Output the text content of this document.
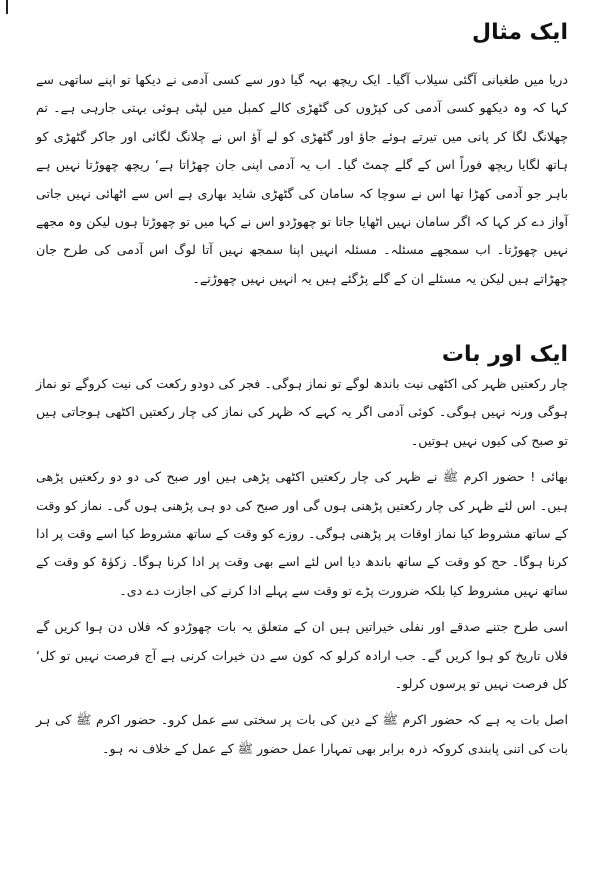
ایک مثال

دریا میں طغیانی آگئی سیلاب آگیا۔ ایک ریچھ بہہ گیا دور سے کسی آدمی نے دیکھا تو اپنے ساتھی سے کہا کہ وہ دیکھو کسی آدمی کی کپڑوں کی گٹھڑی کالے کمبل میں لپٹی ہوئی بہتی جارہی ہے۔ تم چھلانگ لگا کر پانی میں تیرتے ہوئے جاؤ اور گٹھڑی کو لے آؤ اس نے چلانگ لگائی اور جاکر گٹھڑی کو ہاتھ لگایا ریچھ فوراً اس کے گلے چمٹ گیا۔ اب یہ آدمی اپنی جان چھڑاتا ہے‘ ریچھ چھوڑتا نہیں ہے باہر جو آدمی کھڑا تھا اس نے سوچا کہ سامان کی گٹھڑی شاید بھاری ہے اس سے اٹھائی نہیں جاتی آواز دے کر کہا کہ اگر سامان نہیں اٹھایا جاتا تو چھوڑدو اس نے کہا میں تو چھوڑتا ہوں لیکن وہ مجھے نہیں چھوڑتا۔ اب سمجھے مسئلہ۔ مسئلہ انہیں اپنا سمجھ نہیں آتا لوگ اس آدمی کی طرح جان چھڑاتے ہیں لیکن یہ مسئلے ان کے گلے پڑگئے ہیں یہ انہیں نہیں چھوڑتے۔

ایک اور بات

چار رکعتیں ظہر کی اکٹھی نیت باندھ لوگے تو نماز ہوگی۔ فجر کی دودو رکعت کی نیت کروگے تو نماز ہوگی ورنہ نہیں ہوگی۔ کوئی آدمی اگر یہ کہے کہ ظہر کی نماز کی چار رکعتیں اکٹھی ہوجاتی ہیں تو صبح کی کیوں نہیں ہوتیں۔

بھائی ! حضور اکرم ﷺ نے ظہر کی چار رکعتیں اکٹھی پڑھی ہیں اور صبح کی دو دو رکعتیں پڑھی ہیں۔ اس لئے ظہر کی چار رکعتیں پڑھنی ہوں گی اور صبح کی دو ہی پڑھنی ہوں گی۔ نماز کو وقت کے ساتھ مشروط کیا نماز اوقات پر پڑھنی ہوگی۔ روزے کو وقت کے ساتھ مشروط کیا اسے وقت پر ادا کرنا ہوگا۔ حج کو وقت کے ساتھ باندھ دیا اس لئے اسے بھی وقت پر ادا کرنا ہوگا۔ زکوٰۃ کو وقت کے ساتھ نہیں مشروط کیا بلکہ ضرورت پڑے تو وقت سے پہلے ادا کرنے کی اجازت دے دی۔

اسی طرح جتنے صدقے اور نفلی خیراتیں ہیں ان کے متعلق یہ بات چھوڑدو کہ فلاں دن ہوا کریں گے فلاں تاریخ کو ہوا کریں گے۔ جب ارادہ کرلو کہ کون سے دن خیرات کرنی ہے آج فرصت نہیں تو کل‘ کل فرصت نہیں تو پرسوں کرلو۔

اصل بات یہ ہے کہ حضور اکرم ﷺ کے دین کی بات پر سختی سے عمل کرو۔ حضور اکرم ﷺ کی ہر بات کی اتنی پابندی کروکہ ذرہ برابر بھی تمہارا عمل حضور ﷺ کے عمل کے خلاف نہ ہو۔
